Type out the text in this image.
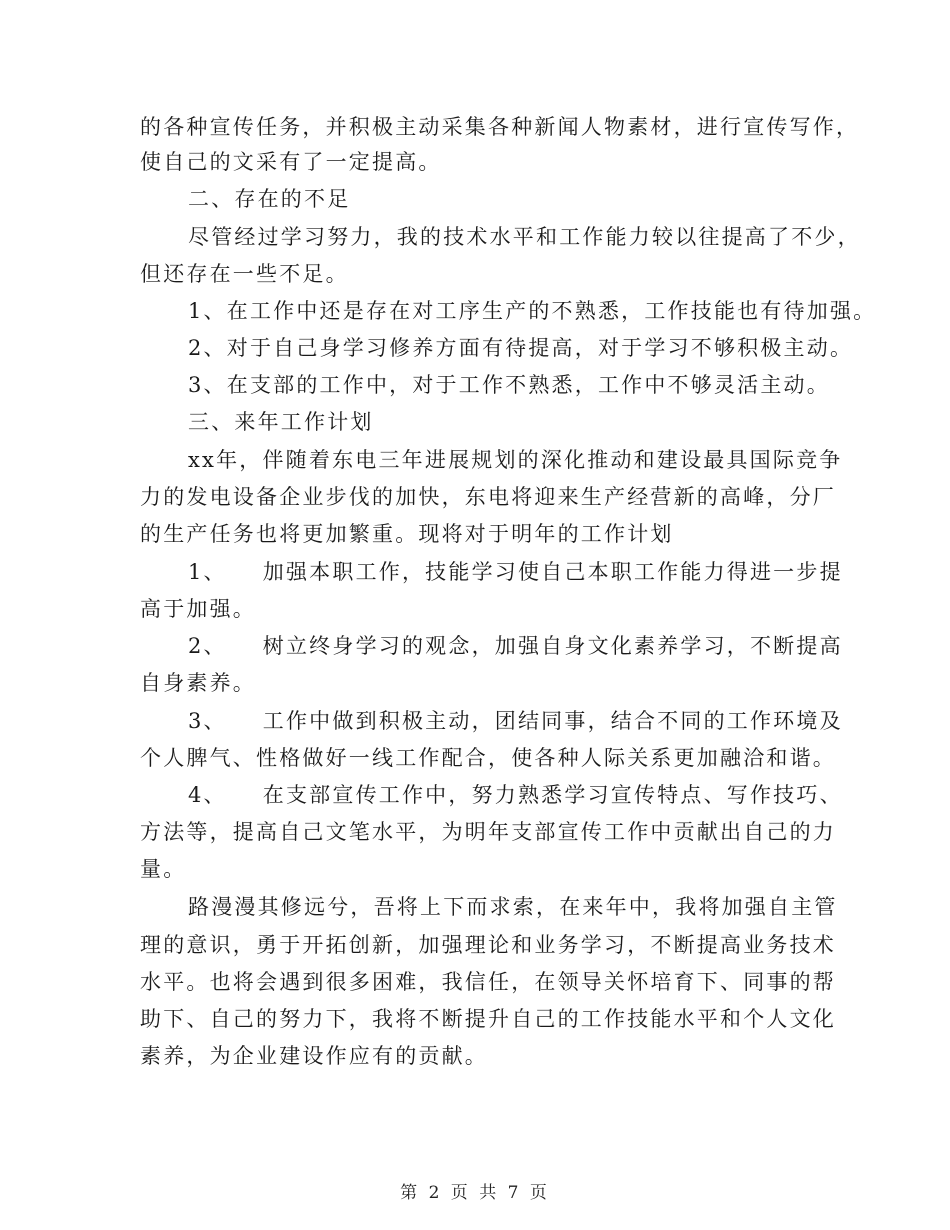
的各种宣传任务，并积极主动采集各种新闻人物素材，进行宣传写作，
使自己的文采有了一定提高。
二、存在的不足
尽管经过学习努力，我的技术水平和工作能力较以往提高了不少，
但还存在一些不足。
1、在工作中还是存在对工序生产的不熟悉，工作技能也有待加强。
2、对于自己身学习修养方面有待提高，对于学习不够积极主动。
3、在支部的工作中，对于工作不熟悉，工作中不够灵活主动。
三、来年工作计划
xx年，伴随着东电三年进展规划的深化推动和建设最具国际竞争
力的发电设备企业步伐的加快，东电将迎来生产经营新的高峰，分厂
的生产任务也将更加繁重。现将对于明年的工作计划
1、 加强本职工作，技能学习使自己本职工作能力得进一步提
高于加强。
2、 树立终身学习的观念，加强自身文化素养学习，不断提高
自身素养。
3、 工作中做到积极主动，团结同事，结合不同的工作环境及
个人脾气、性格做好一线工作配合，使各种人际关系更加融洽和谐。
4、 在支部宣传工作中，努力熟悉学习宣传特点、写作技巧、
方法等，提高自己文笔水平，为明年支部宣传工作中贡献出自己的力
量。
路漫漫其修远兮，吾将上下而求索，在来年中，我将加强自主管
理的意识，勇于开拓创新，加强理论和业务学习，不断提高业务技术
水平。也将会遇到很多困难，我信任，在领导关怀培育下、同事的帮
助下、自己的努力下，我将不断提升自己的工作技能水平和个人文化
素养，为企业建设作应有的贡献。
第 2 页 共 7 页
